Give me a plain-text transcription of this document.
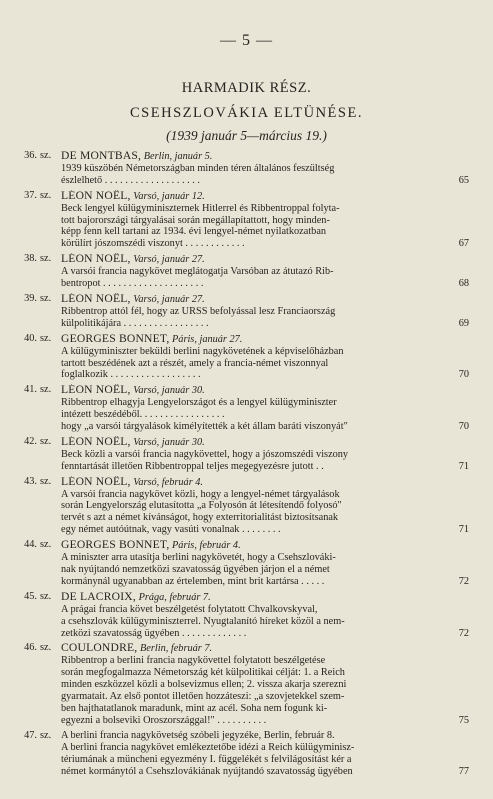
— 5 —
HARMADIK RÉSZ.
CSEHSZLOVÁKIA ELTÜNÉSE.
(1939 január 5—március 19.)
36. sz. DE MONTBAS, Berlin, január 5.
1939 küszöbén Németországban minden téren általános feszültség
észlelhető . . . . . . . . . . . . . . . . . . .	65
37. sz. LÉON NOËL, Varsó, január 12.
Beck lengyel külügyminiszternek Hitlerrel és Ribbentroppal folyta-
tott bajorországi tárgyalásai során megállapítattott, hogy minden-
képp fenn kell tartani az 1934. évi lengyel-német nyilatkozatban
körülírt jószomszédi viszonyt . . . . . . . . . . . .	67
38. sz. LÉON NOËL, Varsó, január 27.
A varsói francia nagykövet meglátogatja Varsóban az átutazó Rib-
bentropot . . . . . . . . . . . . . . . . . . . .	68
39. sz. LÉON NOËL, Varsó, január 27.
Ribbentrop attól fél, hogy az URSS befolyással lesz Franciaország
külpolitikájára . . . . . . . . . . . . . . . . .	69
40. sz. GEORGES BONNET, Páris, január 27.
A külügyminiszter beküldi berlini nagykövetének a képviselőházban
tartott beszédének azt a részét, amely a francia-német viszonnyal
foglalkozik . . . . . . . . . . . . . . . . . .	70
41. sz. LÉON NOËL, Varsó, január 30.
Ribbentrop elhagyja Lengyelországot és a lengyel külügyminiszter
intézett beszédéből. . . . . . . . . . . . . . . . .
hogy „a varsói tárgyalások kimélyítették a két állam baráti viszonyát"	70
42. sz. LÉON NOËL, Varsó, január 30.
Beck közli a varsói francia nagykövettel, hogy a jószomszédi viszony
fenntartását illetően Ribbentroppal teljes megegyezésre jutott . .	71
43. sz. LÉON NOËL, Varsó, február 4.
A varsói francia nagykövet közli, hogy a lengyel-német tárgyalások
során Lengyelország elutasította „a Folyosón át létesítendő folyosó"
tervét s azt a német kívánságot, hogy exterritorialitást biztosítsanak
egy német autóútnak, vagy vasúti vonalnak . . . . . . . .	71
44. sz. GEORGES BONNET, Páris, február 4.
A miniszter arra utasítja berlini nagykövetét, hogy a Csehszlováki-
nak nyújtandó nemzetközi szavatosság ügyében járjon el a német
kormánynál ugyanabban az értelemben, mint brit kartársa . . . . .	72
45. sz. DE LACROIX, Prága, február 7.
A prágai francia követ beszélgetést folytatott Chvalkovskyval,
a csehszlovák külügyminiszterrel. Nyugtalanító híreket közöl a nem-
zetközi szavatosság ügyében . . . . . . . . . . . . .	72
46. sz. COULONDRE, Berlin, február 7.
Ribbentrop a berlini francia nagykövettel folytatott beszélgetése
során megfogalmazza Németország két külpolitikai célját: 1. a Reich
minden eszközzel közli a bolsevizmus ellen; 2. vissza akarja szerezni
gyarmatait. Az első pontot illetően hozzáteszi: „a szovjetekkel szem-
ben hajthatatlanok maradunk, mint az acél. Soha nem fogunk ki-
egyezni a bolseviki Oroszországgal!" . . . . . . . . . .	75
47. sz. A berlini francia nagykövetség szóbeli jegyzéke, Berlin, február 8.
A berlini francia nagykövet emlékeztetőbe idézi a Reich külügyminisz-
tériumának a müncheni egyezmény I. függelékét s felvilágosítást kér a
német kormánytól a Csehszlovákiának nyújtandó szavatosság ügyében	77
